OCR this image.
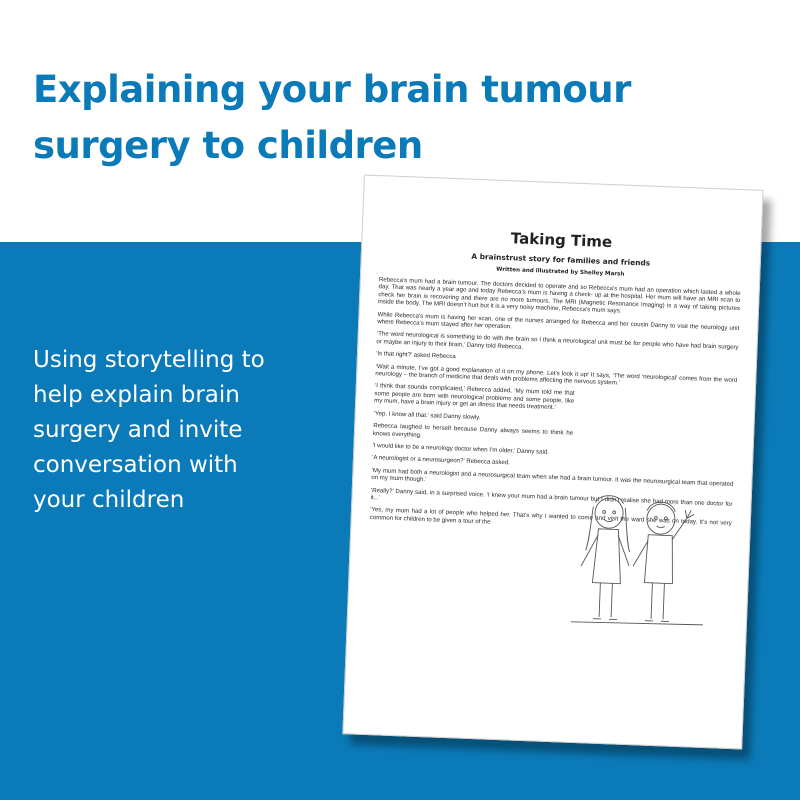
Explaining your brain tumour
surgery to children

Using storytelling to
help explain brain
surgery and invite
conversation with
your children

Taking Time
A brainstrust story for families and friends
Written and illustrated by Shelley Marsh

Rebecca’s mum had a brain tumour. The doctors decided to operate and so Rebecca’s mum had an operation which lasted a whole day. That was nearly a year ago and today Rebecca’s mum is having a check- up at the hospital. Her mum will have an MRI scan to check her brain is recovering and there are no more tumours. The MRI (Magnetic Resonance Imaging) is a way of taking pictures inside the body. The MRI doesn’t hurt but it is a very noisy machine, Rebecca’s mum says.

While Rebecca’s mum is having her scan, one of the nurses arranged for Rebecca and her cousin Danny to visit the neurology unit where Rebecca’s mum stayed after her operation.

‘The word neurological is something to do with the brain so I think a neurological unit must be for people who have had brain surgery or maybe an injury to their brain,’ Danny told Rebecca.

‘Is that right?’ asked Rebecca

‘Wait a minute, I’ve got a good explanation of it on my phone. Let’s look it up! It says, ‘The word ‘neurological’ comes from the word neurology – the branch of medicine that deals with problems affecting the nervous system.’

‘I think that sounds complicated,’ Rebecca added, ‘My mum told me that some people are born with neurological problems and some people, like my mum, have a brain injury or get an illness that needs treatment.’

‘Yep, I know all that.’ said Danny slowly.

Rebecca laughed to herself because Danny always seems to think he knows everything.

‘I would like to be a neurology doctor when I’m older,’ Danny said.

‘A neurologist or a neurosurgeon?’ Rebecca asked.

‘My mum had both a neurologist and a neurosurgical team when she had a brain tumour. It was the neurosurgical team that operated on my mum though.’

‘Really?’ Danny said, in a surprised voice. ‘I knew your mum had a brain tumour but I didn’t realise she had more than one doctor for it...’

‘Yes, my mum had a lot of people who helped her. That’s why I wanted to come and visit the ward she was on today. It’s not very common for children to be given a tour of the
